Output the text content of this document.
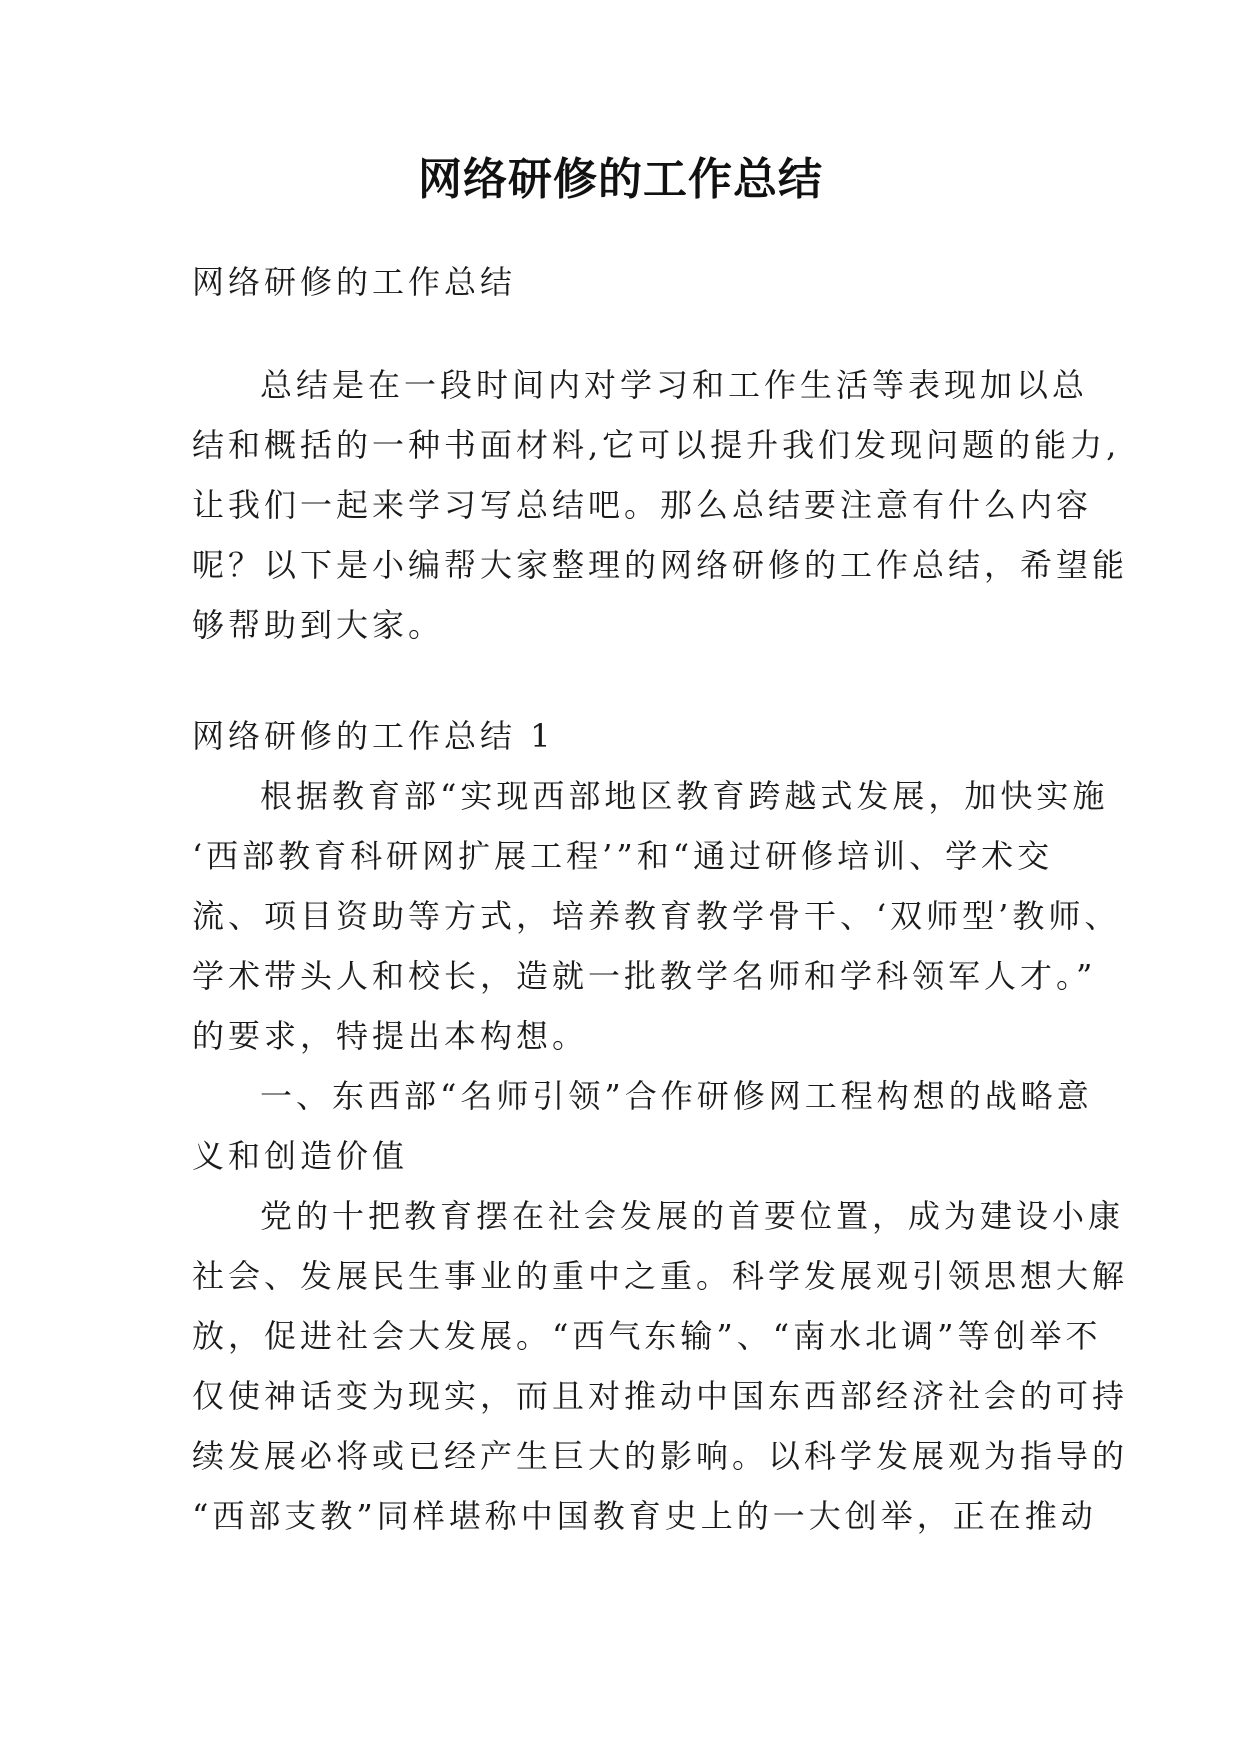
网络研修的工作总结
网络研修的工作总结
总结是在一段时间内对学习和工作生活等表现加以总
结和概括的一种书面材料,它可以提升我们发现问题的能力,
让我们一起来学习写总结吧。那么总结要注意有什么内容
呢？以下是小编帮大家整理的网络研修的工作总结，希望能
够帮助到大家。
网络研修的工作总结 1
根据教育部“实现西部地区教育跨越式发展，加快实施
‘西部教育科研网扩展工程’”和“通过研修培训、学术交
流、项目资助等方式，培养教育教学骨干、‘双师型’教师、
学术带头人和校长，造就一批教学名师和学科领军人才。”
的要求，特提出本构想。
一、东西部“名师引领”合作研修网工程构想的战略意
义和创造价值
党的十把教育摆在社会发展的首要位置，成为建设小康
社会、发展民生事业的重中之重。科学发展观引领思想大解
放，促进社会大发展。“西气东输”、“南水北调”等创举不
仅使神话变为现实，而且对推动中国东西部经济社会的可持
续发展必将或已经产生巨大的影响。以科学发展观为指导的
“西部支教”同样堪称中国教育史上的一大创举，正在推动
